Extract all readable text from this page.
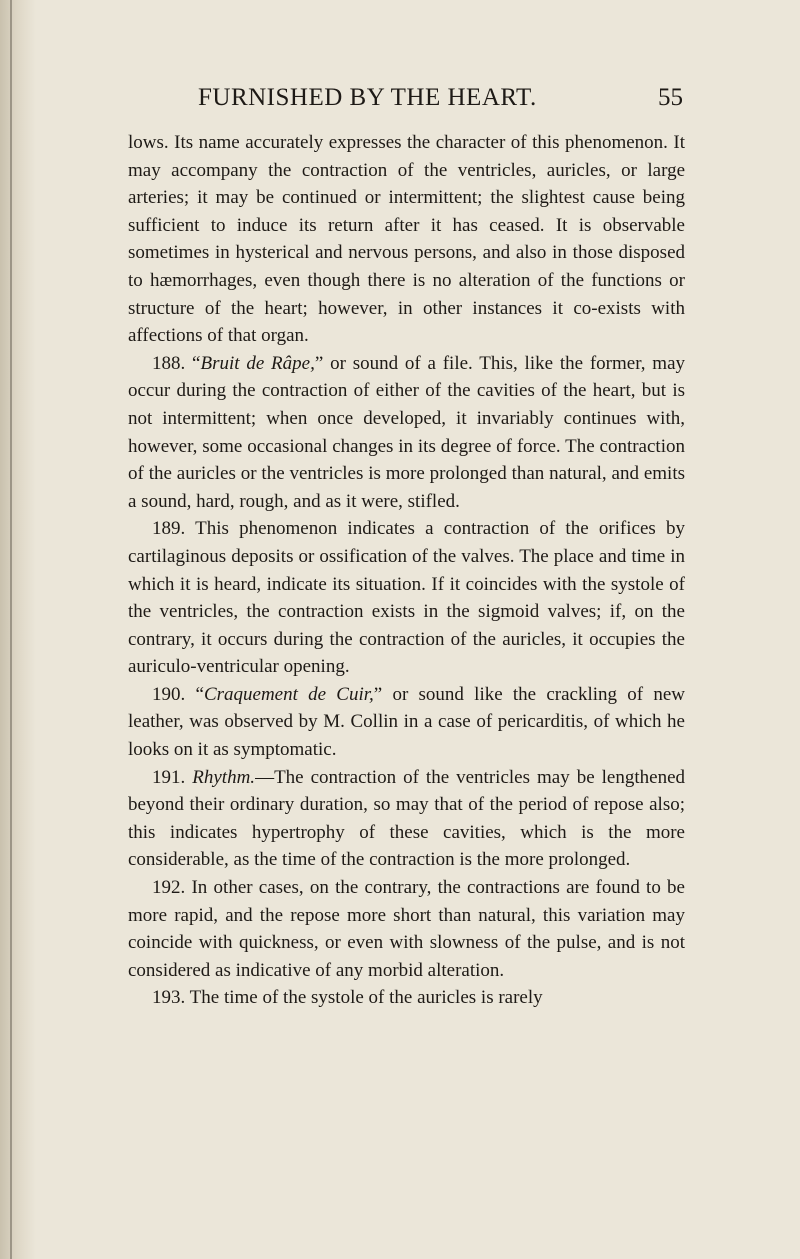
FURNISHED BY THE HEART.	55

lows. Its name accurately expresses the character of this phenomenon. It may accompany the contraction of the ventricles, auricles, or large arteries; it may be continued or intermittent; the slightest cause being sufficient to induce its return after it has ceased. It is observable sometimes in hysterical and nervous persons, and also in those disposed to hæmorrhages, even though there is no alteration of the functions or structure of the heart; however, in other instances it co-exists with affections of that organ.

188. “Bruit de Râpe,” or sound of a file. This, like the former, may occur during the contraction of either of the cavities of the heart, but is not intermittent; when once developed, it invariably continues with, however, some occasional changes in its degree of force. The contraction of the auricles or the ventricles is more prolonged than natural, and emits a sound, hard, rough, and as it were, stifled.

189. This phenomenon indicates a contraction of the orifices by cartilaginous deposits or ossification of the valves. The place and time in which it is heard, indicate its situation. If it coincides with the systole of the ventricles, the contraction exists in the sigmoid valves; if, on the contrary, it occurs during the contraction of the auricles, it occupies the auriculo-ventricular opening.

190. “Craquement de Cuir,” or sound like the crackling of new leather, was observed by M. Collin in a case of pericarditis, of which he looks on it as symptomatic.

191. Rhythm.—The contraction of the ventricles may be lengthened beyond their ordinary duration, so may that of the period of repose also; this indicates hypertrophy of these cavities, which is the more considerable, as the time of the contraction is the more prolonged.

192. In other cases, on the contrary, the contractions are found to be more rapid, and the repose more short than natural, this variation may coincide with quickness, or even with slowness of the pulse, and is not considered as indicative of any morbid alteration.

193. The time of the systole of the auricles is rarely
